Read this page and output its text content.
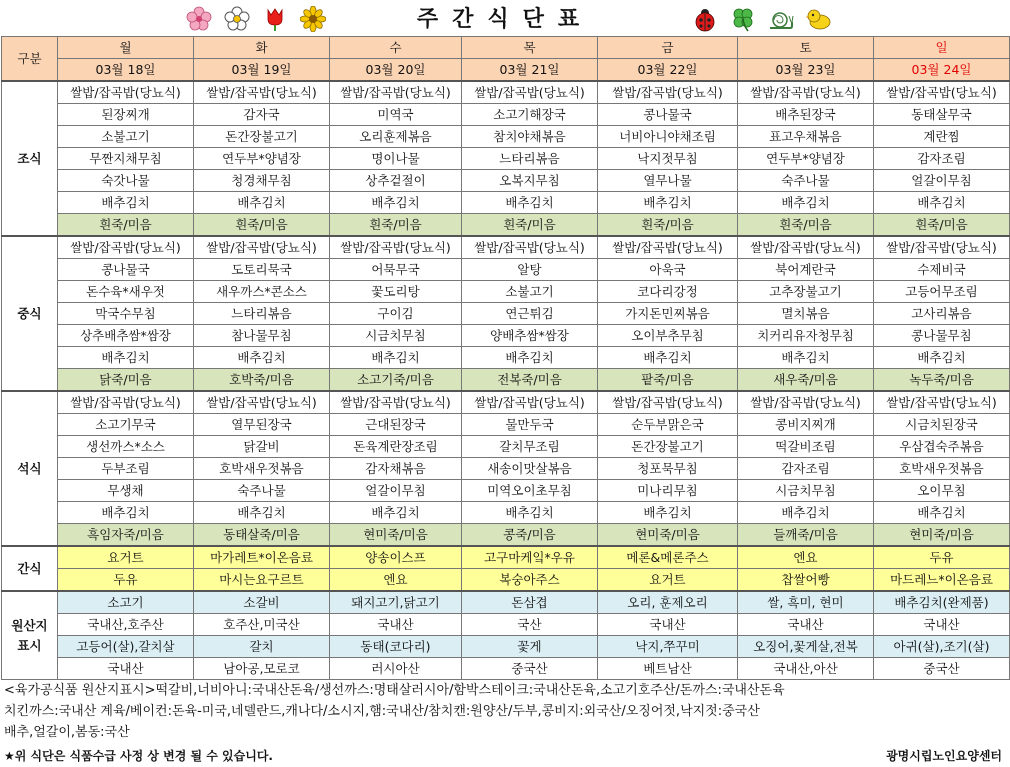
주간식단표
구분	월	화	수	목	금	토	일
	03월 18일	03월 19일	03월 20일	03월 21일	03월 22일	03월 23일	03월 24일
조식	쌀밥/잡곡밥(당뇨식)	쌀밥/잡곡밥(당뇨식)	쌀밥/잡곡밥(당뇨식)	쌀밥/잡곡밥(당뇨식)	쌀밥/잡곡밥(당뇨식)	쌀밥/잡곡밥(당뇨식)	쌀밥/잡곡밥(당뇨식)
	된장찌개	감자국	미역국	소고기해장국	콩나물국	배추된장국	동태살무국
	소불고기	돈간장불고기	오리훈제볶음	참치야채볶음	너비아니야채조림	표고우채볶음	계란찜
	무짠지채무침	연두부*양념장	명이나물	느타리볶음	낙지젓무침	연두부*양념장	감자조림
	숙갓나물	청경채무침	상추겉절이	오복지무침	열무나물	숙주나물	얼갈이무침
	배추김치	배추김치	배추김치	배추김치	배추김치	배추김치	배추김치
	흰죽/미음	흰죽/미음	흰죽/미음	흰죽/미음	흰죽/미음	흰죽/미음	흰죽/미음
중식	쌀밥/잡곡밥(당뇨식)	쌀밥/잡곡밥(당뇨식)	쌀밥/잡곡밥(당뇨식)	쌀밥/잡곡밥(당뇨식)	쌀밥/잡곡밥(당뇨식)	쌀밥/잡곡밥(당뇨식)	쌀밥/잡곡밥(당뇨식)
	콩나물국	도토리묵국	어묵무국	알탕	아욱국	북어계란국	수제비국
	돈수육*새우젓	새우까스*콘소스	꽃도리탕	소불고기	코다리강정	고추장불고기	고등어무조림
	막국수무침	느타리볶음	구이김	연근튀김	가지돈민찌볶음	멸치볶음	고사리볶음
	상추배추쌈*쌈장	참나물무침	시금치무침	양배추쌈*쌈장	오이부추무침	치커리유자청무침	콩나물무침
	배추김치	배추김치	배추김치	배추김치	배추김치	배추김치	배추김치
	닭죽/미음	호박죽/미음	소고기죽/미음	전복죽/미음	팥죽/미음	새우죽/미음	녹두죽/미음
석식	쌀밥/잡곡밥(당뇨식)	쌀밥/잡곡밥(당뇨식)	쌀밥/잡곡밥(당뇨식)	쌀밥/잡곡밥(당뇨식)	쌀밥/잡곡밥(당뇨식)	쌀밥/잡곡밥(당뇨식)	쌀밥/잡곡밥(당뇨식)
	소고기무국	열무된장국	근대된장국	물만두국	순두부맑은국	콩비지찌개	시금치된장국
	생선까스*소스	닭갈비	돈육계란장조림	갈치무조림	돈간장불고기	떡갈비조림	우삼겹숙주볶음
	두부조림	호박새우젓볶음	감자채볶음	새송이맛살볶음	청포묵무침	감자조림	호박새우젓볶음
	무생채	숙주나물	얼갈이무침	미역오이초무침	미나리무침	시금치무침	오이무침
	배추김치	배추김치	배추김치	배추김치	배추김치	배추김치	배추김치
	흑임자죽/미음	동태살죽/미음	현미죽/미음	콩죽/미음	현미죽/미음	들깨죽/미음	현미죽/미음
간식	요거트	마가레트*이온음료	양송이스프	고구마케잌*우유	메론&메론주스	엔요	두유
	두유	마시는요구르트	엔요	복숭아주스	요거트	찹쌀어빵	마드레느*이온음료

원산지
표시	소고기	소갈비	돼지고기,닭고기	돈삼겹	오리, 훈제오리	쌀, 흑미, 현미	배추김치(완제품)
	국내산,호주산	호주산,미국산	국내산	국산	국내산	국내산	국내산
	고등어(살),갈치살	갈치	동태(코다리)	꽃게	낙지,쭈꾸미	오징어,꽃게살,전복	아귀(살),조기(살)
	국내산	남아공,모로코	러시아산	중국산	베트남산	국내산,아산	중국산
<육가공식품 원산지표시>떡갈비,너비아니:국내산돈육/생선까스:명태살러시아/함박스테이크:국내산돈육,소고기호주산/돈까스:국내산돈육
치킨까스:국내산 계육/베이컨:돈육-미국,네델란드,캐나다/소시지,햄:국내산/참치캔:원양산/두부,콩비지:외국산/오징어젓,낙지젓:중국산
배추,얼갈이,봄동:국산
★위 식단은 식품수급 사정 상 변경 될 수 있습니다.	광명시립노인요양센터
